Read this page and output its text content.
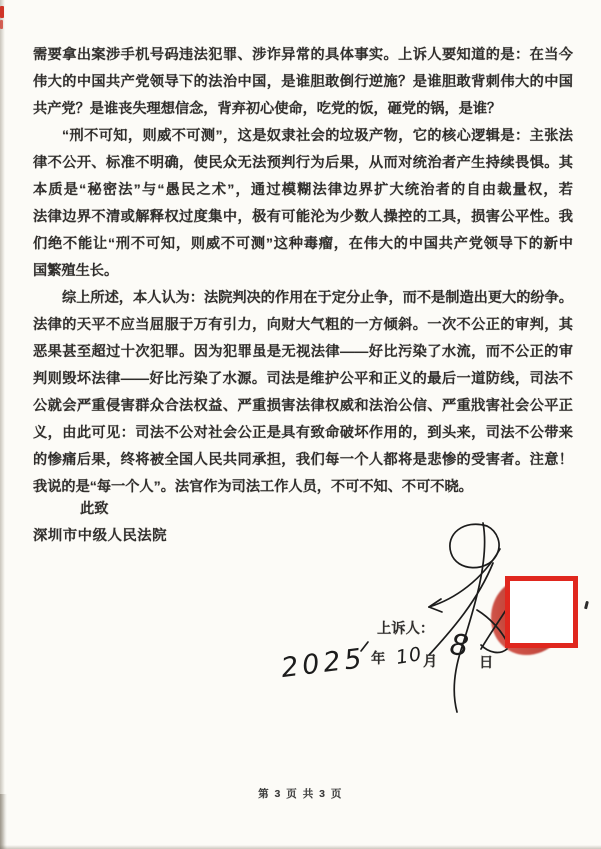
需要拿出案涉手机号码违法犯罪、涉诈异常的具体事实。上诉人要知道的是：在当今
伟大的中国共产党领导下的法治中国，是谁胆敢倒行逆施？是谁胆敢背刺伟大的中国
共产党？是谁丧失理想信念，背弃初心使命，吃党的饭，砸党的锅，是谁？
“刑不可知，则威不可测”，这是奴隶社会的垃圾产物，它的核心逻辑是：主张法
律不公开、标准不明确，使民众无法预判行为后果，从而对统治者产生持续畏惧。其
本质是“秘密法”与“愚民之术”，通过模糊法律边界扩大统治者的自由裁量权，若
法律边界不清或解释权过度集中，极有可能沦为少数人操控的工具，损害公平性。我
们绝不能让“刑不可知，则威不可测”这种毒瘤，在伟大的中国共产党领导下的新中
国繁殖生长。
综上所述，本人认为：法院判决的作用在于定分止争，而不是制造出更大的纷争。
法律的天平不应当屈服于万有引力，向财大气粗的一方倾斜。一次不公正的审判，其
恶果甚至超过十次犯罪。因为犯罪虽是无视法律——好比污染了水流，而不公正的审
判则毁坏法律——好比污染了水源。司法是维护公平和正义的最后一道防线，司法不
公就会严重侵害群众合法权益、严重损害法律权威和法治公信、严重戕害社会公平正
义，由此可见：司法不公对社会公正是具有致命破坏作用的，到头来，司法不公带来
的惨痛后果，终将被全国人民共同承担，我们每一个人都将是悲惨的受害者。注意！
我说的是“每一个人”。法官作为司法工作人员，不可不知、不可不晓。
此致
深圳市中级人民法院
上诉人：
2025 年 10 月 8
日
第 3 页 共 3 页
